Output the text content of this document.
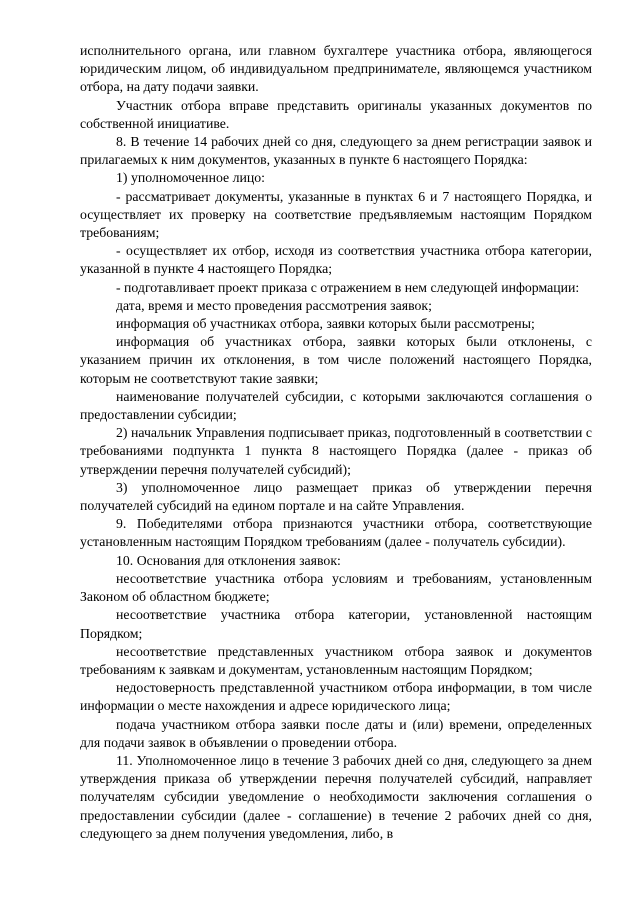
исполнительного органа, или главном бухгалтере участника отбора, являющегося юридическим лицом, об индивидуальном предпринимателе, являющемся участником отбора, на дату подачи заявки.

Участник отбора вправе представить оригиналы указанных документов по собственной инициативе.

8. В течение 14 рабочих дней со дня, следующего за днем регистрации заявок и прилагаемых к ним документов, указанных в пункте 6 настоящего Порядка:

1) уполномоченное лицо:

- рассматривает документы, указанные в пунктах 6 и 7 настоящего Порядка, и осуществляет их проверку на соответствие предъявляемым настоящим Порядком требованиям;

- осуществляет их отбор, исходя из соответствия участника отбора категории, указанной в пункте 4 настоящего Порядка;

- подготавливает проект приказа с отражением в нем следующей информации:

дата, время и место проведения рассмотрения заявок;

информация об участниках отбора, заявки которых были рассмотрены;

информация об участниках отбора, заявки которых были отклонены, с указанием причин их отклонения, в том числе положений настоящего Порядка, которым не соответствуют такие заявки;

наименование получателей субсидии, с которыми заключаются соглашения о предоставлении субсидии;

2) начальник Управления подписывает приказ, подготовленный в соответствии с требованиями подпункта 1 пункта 8 настоящего Порядка (далее - приказ об утверждении перечня получателей субсидий);

3) уполномоченное лицо размещает приказ об утверждении перечня получателей субсидий на едином портале и на сайте Управления.

9. Победителями отбора признаются участники отбора, соответствующие установленным настоящим Порядком требованиям (далее - получатель субсидии).

10. Основания для отклонения заявок:

несоответствие участника отбора условиям и требованиям, установленным Законом об областном бюджете;

несоответствие участника отбора категории, установленной настоящим Порядком;

несоответствие представленных участником отбора заявок и документов требованиям к заявкам и документам, установленным настоящим Порядком;

недостоверность представленной участником отбора информации, в том числе информации о месте нахождения и адресе юридического лица;

подача участником отбора заявки после даты и (или) времени, определенных для подачи заявок в объявлении о проведении отбора.

11. Уполномоченное лицо в течение 3 рабочих дней со дня, следующего за днем утверждения приказа об утверждении перечня получателей субсидий, направляет получателям субсидии уведомление о необходимости заключения соглашения о предоставлении субсидии (далее - соглашение) в течение 2 рабочих дней со дня, следующего за днем получения уведомления, либо, в
